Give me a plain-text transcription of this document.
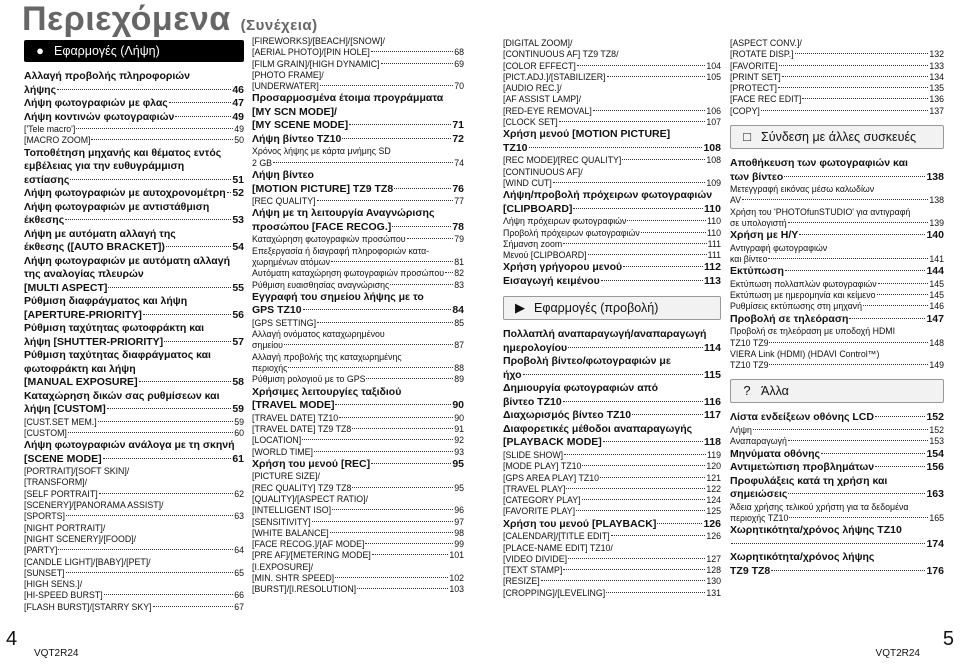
Περιεχόμενα (Συνέχεια)
● Εφαρμογές (Λήψη)
Αλλαγή προβολής πληροφοριών
λήψης	46
Λήψη φωτογραφιών με φλας	47
Λήψη κοντινών φωτογραφιών	49
['Tele macro']	49
[MACRO ZOOM]	50
Τοποθέτηση μηχανής και θέματος εντός
εμβέλειας για την ευθυγράμμιση
εστίασης	51
Λήψη φωτογραφιών με αυτοχρονομέτρη 52
Λήψη φωτογραφιών με αντιστάθμιση
έκθεσης	53
Λήψη με αυτόματη αλλαγή της
έκθεσης ([AUTO BRACKET])	54
Λήψη φωτογραφιών με αυτόματη αλλαγή
της αναλογίας πλευρών
[MULTI ASPECT]	55
Ρύθμιση διαφράγματος και λήψη
[APERTURE-PRIORITY]	56
Ρύθμιση ταχύτητας φωτοφράκτη και
λήψη [SHUTTER-PRIORITY]	57
Ρύθμιση ταχύτητας διαφράγματος και
φωτοφράκτη και λήψη
[MANUAL EXPOSURE]	58
Καταχώρηση δικών σας ρυθμίσεων και
λήψη [CUSTOM]	59
[CUST.SET MEM.]	59
[CUSTOM]	60
Λήψη φωτογραφιών ανάλογα με τη σκηνή
[SCENE MODE]	61
[PORTRAIT]/[SOFT SKIN]/
[TRANSFORM]/
[SELF PORTRAIT]	62
[SCENERY]/[PANORAMA ASSIST]/
[SPORTS]	63
[NIGHT PORTRAIT]/
[NIGHT SCENERY]/[FOOD]/
[PARTY]	64
[CANDLE LIGHT]/[BABY]/[PET]/
[SUNSET]	65
[HIGH SENS.]/
[HI-SPEED BURST]	66
[FLASH BURST]/[STARRY SKY]	67
[FIREWORKS]/[BEACH]/[SNOW]/
[AERIAL PHOTO]/[PIN HOLE]	68
[FILM GRAIN]/[HIGH DYNAMIC]	69
[PHOTO FRAME]/
[UNDERWATER]	70
Προσαρμοσμένα έτοιμα προγράμματα
[MY SCN MODE]/
[MY SCENE MODE]	71
Λήψη βίντεο TZ10	72
Χρόνος λήψης με κάρτα μνήμης SD
2 GB	74
Λήψη βίντεο
[MOTION PICTURE] TZ9 TZ8	76
[REC QUALITY]	77
Λήψη με τη λειτουργία Αναγνώρισης
προσώπου [FACE RECOG.]	78
Καταχώρηση φωτογραφιών προσώπου	79
Επεξεργασία ή διαγραφή πληροφοριών κατα-
χωρημένων ατόμων	81
Αυτόματη καταχώρηση φωτογραφιών προσώπου 82
Ρύθμιση ευαισθησίας αναγνώρισης	83
Εγγραφή του σημείου λήψης με το
GPS TZ10	84
[GPS SETTING]	85
Αλλαγή ονόματος καταχωρημένου
σημείου	87
Αλλαγή προβολής της καταχωρημένης
περιοχής	88
Ρύθμιση ρολογιού με το GPS	89
Χρήσιμες λειτουργίες ταξιδιού
[TRAVEL MODE]	90
[TRAVEL DATE] TZ10	90
[TRAVEL DATE] TZ9 TZ8	91
[LOCATION]	92
[WORLD TIME]	93
Χρήση του μενού [REC]	95
[PICTURE SIZE]/
[REC QUALITY] TZ9 TZ8	95
[QUALITY]/[ASPECT RATIO]/
[INTELLIGENT ISO]	96
[SENSITIVITY]	97
[WHITE BALANCE]	98
[FACE RECOG.]/[AF MODE]	99
[PRE AF]/[METERING MODE]	101
[I.EXPOSURE]/
[MIN. SHTR SPEED]	102
[BURST]/[I.RESOLUTION]	103
[DIGITAL ZOOM]/
[CONTINUOUS AF] TZ9 TZ8/
[COLOR EFFECT]	104
[PICT.ADJ.]/[STABILIZER]	105
[AUDIO REC.]/
[AF ASSIST LAMP]/
[RED-EYE REMOVAL]	106
[CLOCK SET]	107
Χρήση μενού [MOTION PICTURE]
TZ10	108
[REC MODE]/[REC QUALITY]	108
[CONTINUOUS AF]/
[WIND CUT]	109
Λήψη/προβολή πρόχειρων φωτογραφιών
[CLIPBOARD]	110
Λήψη πρόχειρων φωτογραφιών	110
Προβολή πρόχειρων φωτογραφιών	110
Σήμανση zoom	111
Μενού [CLIPBOARD]	111
Χρήση γρήγορου μενού	112
Εισαγωγή κειμένου	113
▶ Εφαρμογές (προβολή)
Πολλαπλή αναπαραγωγή/αναπαραγωγή
ημερολογίου	114
Προβολή βίντεο/φωτογραφιών με
ήχο	115
Δημιουργία φωτογραφιών από
βίντεο TZ10	116
Διαχωρισμός βίντεο TZ10	117
Διαφορετικές μέθοδοι αναπαραγωγής
[PLAYBACK MODE]	118
[SLIDE SHOW]	119
[MODE PLAY] TZ10	120
[GPS AREA PLAY] TZ10	121
[TRAVEL PLAY]	122
[CATEGORY PLAY]	124
[FAVORITE PLAY]	125
Χρήση του μενού [PLAYBACK]	126
[CALENDAR]/[TITLE EDIT]	126
[PLACE-NAME EDIT] TZ10/
[VIDEO DIVIDE]	127
[TEXT STAMP]	128
[RESIZE]	130
[CROPPING]/[LEVELING]	131
[ASPECT CONV.]/
[ROTATE DISP.]	132
[FAVORITE]	133
[PRINT SET]	134
[PROTECT]	135
[FACE REC EDIT]	136
[COPY]	137
□ Σύνδεση με άλλες συσκευές
Αποθήκευση των φωτογραφιών και
των βίντεο	138
Μετεγγραφή εικόνας μέσω καλωδίων
AV	138
Χρήση του 'PHOTOfunSTUDIO' για αντιγραφή
σε υπολογιστή	139
Χρήση με Η/Υ	140
Αντιγραφή φωτογραφιών
και βίντεο	141
Εκτύπωση	144
Εκτύπωση πολλαπλών φωτογραφιών	145
Εκτύπωση με ημερομηνία και κείμενο	145
Ρυθμίσεις εκτύπωσης στη μηχανή	146
Προβολή σε τηλεόραση	147
Προβολή σε τηλεόραση με υποδοχή HDMI
TZ10 TZ9	148
VIERA Link (HDMI) (HDAVI Control™)
TZ10 TZ9	149
? Άλλα
Λίστα ενδείξεων οθόνης LCD	152
Λήψη	152
Αναπαραγωγή	153
Μηνύματα οθόνης	154
Αντιμετώπιση προβλημάτων	156
Προφυλάξεις κατά τη χρήση και
σημειώσεις	163
Άδεια χρήσης τελικού χρήστη για τα δεδομένα
περιοχής TZ10	165
Χωρητικότητα/χρόνος λήψης TZ10
174
Χωρητικότητα/χρόνος λήψης
TZ9 TZ8	176
4
VQT2R24	VQT2R24
5
